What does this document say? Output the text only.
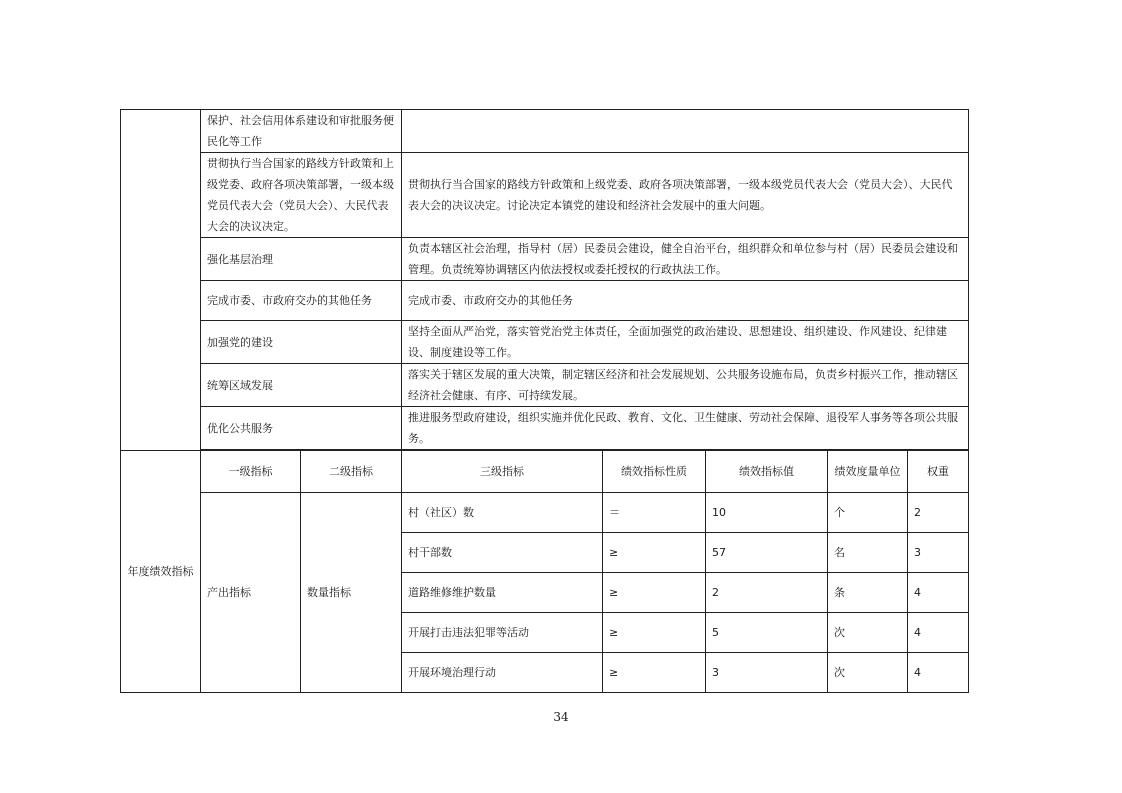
	保护、社会信用体系建设和审批服务便民化等工作						
	贯彻执行当合国家的路线方针政策和上级党委、政府各项决策部署，一级本级党员代表大会（党员大会）、大民代表大会的决议决定。		贯彻执行当合国家的路线方针政策和上级党委、政府各项决策部署，一级本级党员代表大会（党员大会）、大民代表大会的决议决定。讨论决定本镇党的建设和经济社会发展中的重大问题。				
	强化基层治理		负责本辖区社会治理，指导村（居）民委员会建设，健全自治平台，组织群众和单位参与村（居）民委员会建设和管理。负责统筹协调辖区内依法授权或委托授权的行政执法工作。				
	完成市委、市政府交办的其他任务		完成市委、市政府交办的其他任务				
	加强党的建设		坚持全面从严治党，落实管党治党主体责任，全面加强党的政治建设、思想建设、组织建设、作风建设、纪律建设、制度建设等工作。				
	统筹区域发展		落实关于辖区发展的重大决策，制定辖区经济和社会发展规划、公共服务设施布局，负责乡村振兴工作，推动辖区经济社会健康、有序、可持续发展。				
	优化公共服务		推进服务型政府建设，组织实施并优化民政、教育、文化、卫生健康、劳动社会保障、退役军人事务等各项公共服务。				

年度绩效指标	一级指标	二级指标	三级指标	绩效指标性质	绩效指标值	绩效度量单位	权重
	产出指标	数量指标	村（社区）数	＝	10	个	2
			村干部数	≥	57	名	3
			道路维修维护数量	≥	2	条	4
			开展打击违法犯罪等活动	≥	5	次	4
			开展环境治理行动	≥	3	次	4
34
